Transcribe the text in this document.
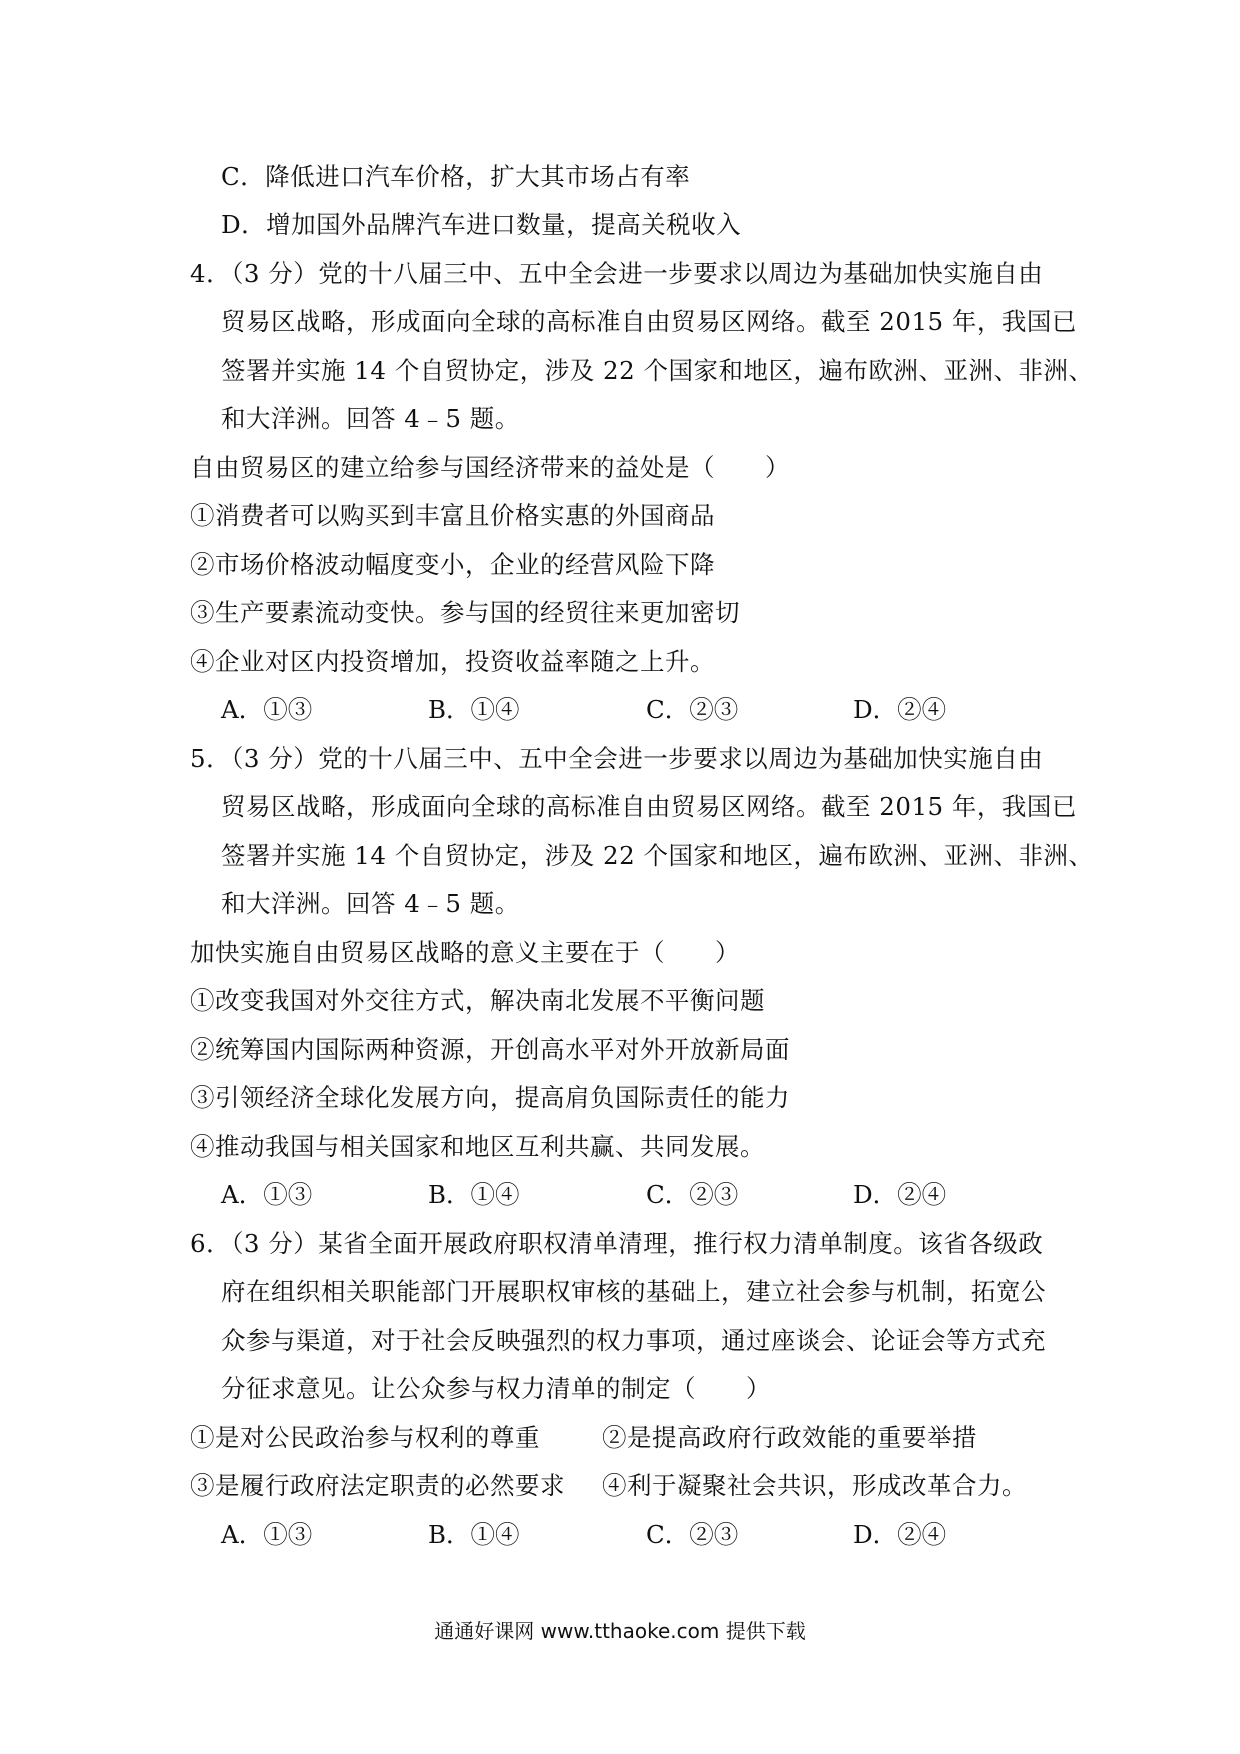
C．降低进口汽车价格，扩大其市场占有率
D．增加国外品牌汽车进口数量，提高关税收入
4．（3 分）党的十八届三中、五中全会进一步要求以周边为基础加快实施自由
贸易区战略，形成面向全球的高标准自由贸易区网络。截至 2015 年，我国已
签署并实施 14 个自贸协定，涉及 22 个国家和地区，遍布欧洲、亚洲、非洲、
和大洋洲。回答 4﹣5 题。
自由贸易区的建立给参与国经济带来的益处是（　　）
①消费者可以购买到丰富且价格实惠的外国商品
②市场价格波动幅度变小，企业的经营风险下降
③生产要素流动变快。参与国的经贸往来更加密切
④企业对区内投资增加，投资收益率随之上升。
A．①③	B．①④	C．②③	D．②④
5．（3 分）党的十八届三中、五中全会进一步要求以周边为基础加快实施自由
贸易区战略，形成面向全球的高标准自由贸易区网络。截至 2015 年，我国已
签署并实施 14 个自贸协定，涉及 22 个国家和地区，遍布欧洲、亚洲、非洲、
和大洋洲。回答 4﹣5 题。
加快实施自由贸易区战略的意义主要在于（　　）
①改变我国对外交往方式，解决南北发展不平衡问题
②统筹国内国际两种资源，开创高水平对外开放新局面
③引领经济全球化发展方向，提高肩负国际责任的能力
④推动我国与相关国家和地区互利共赢、共同发展。
A．①③	B．①④	C．②③	D．②④
6．（3 分）某省全面开展政府职权清单清理，推行权力清单制度。该省各级政
府在组织相关职能部门开展职权审核的基础上，建立社会参与机制，拓宽公
众参与渠道，对于社会反映强烈的权力事项，通过座谈会、论证会等方式充
分征求意见。让公众参与权力清单的制定（　　）
①是对公民政治参与权利的尊重	②是提高政府行政效能的重要举措
③是履行政府法定职责的必然要求 ④利于凝聚社会共识，形成改革合力。
A．①③	B．①④	C．②③	D．②④
通通好课网 www.tthaoke.com 提供下载
